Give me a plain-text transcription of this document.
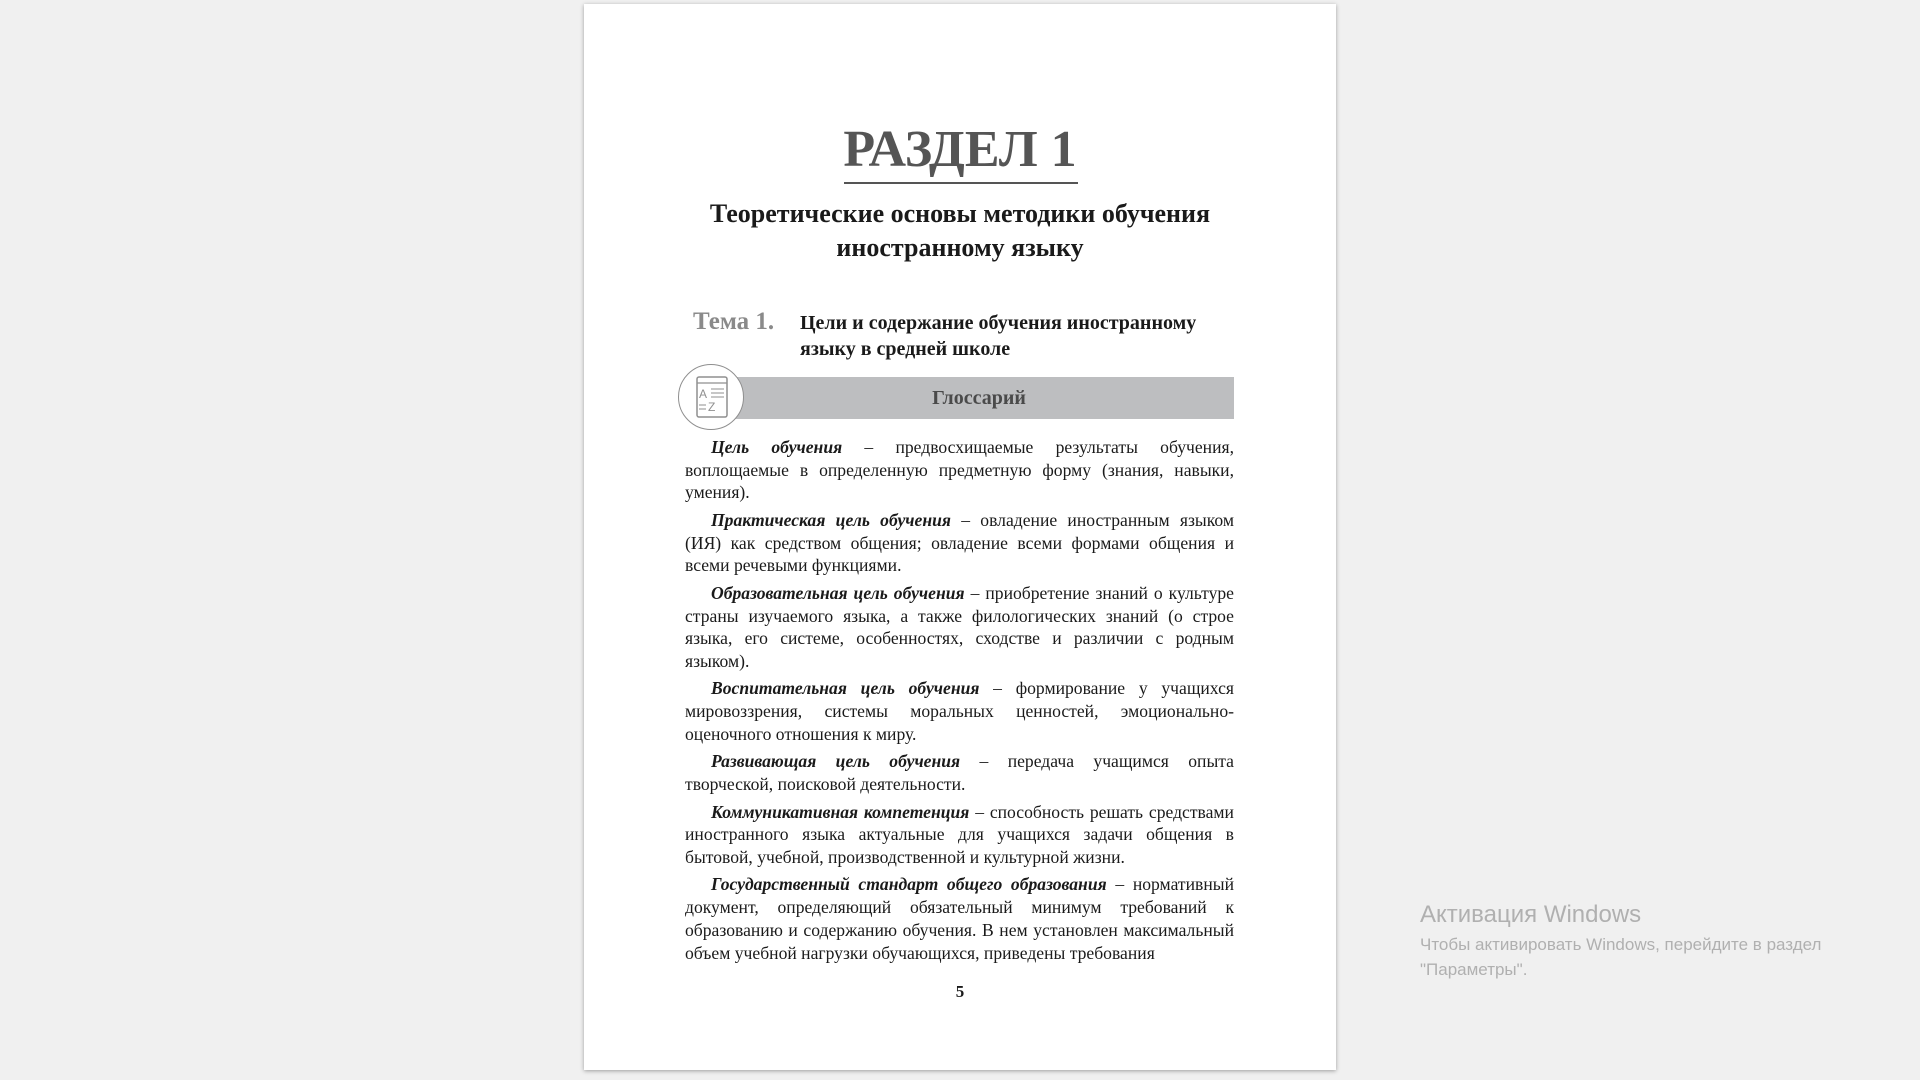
РАЗДЕЛ 1
Теоретические основы методики обучения
иностранному языку
Тема 1. Цели и содержание обучения иностранному
языку в средней школе
Глоссарий
A
Z

Цель обучения – предвосхищаемые результаты обучения, воплощаемые в определенную предметную форму (знания, навыки, умения).

Практическая цель обучения – овладение иностранным языком (ИЯ) как средством общения; овладение всеми формами общения и всеми речевыми функциями.

Образовательная цель обучения – приобретение знаний о культуре страны изучаемого языка, а также филологических знаний (о строе языка, его системе, особенностях, сходстве и различии с родным языком).

Воспитательная цель обучения – формирование у учащихся мировоззрения, системы моральных ценностей, эмоционально-оценочного отношения к миру.

Развивающая цель обучения – передача учащимся опыта творческой, поисковой деятельности.

Коммуникативная компетенция – способность решать средствами иностранного языка актуальные для учащихся задачи общения в бытовой, учебной, производственной и культурной жизни.

Государственный стандарт общего образования – нормативный документ, определяющий обязательный минимум требований к образованию и содержанию обучения. В нем установлен максимальный объем учебной нагрузки обучающихся, приведены требования

5
Активация Windows
Чтобы активировать Windows, перейдите в раздел "Параметры".
